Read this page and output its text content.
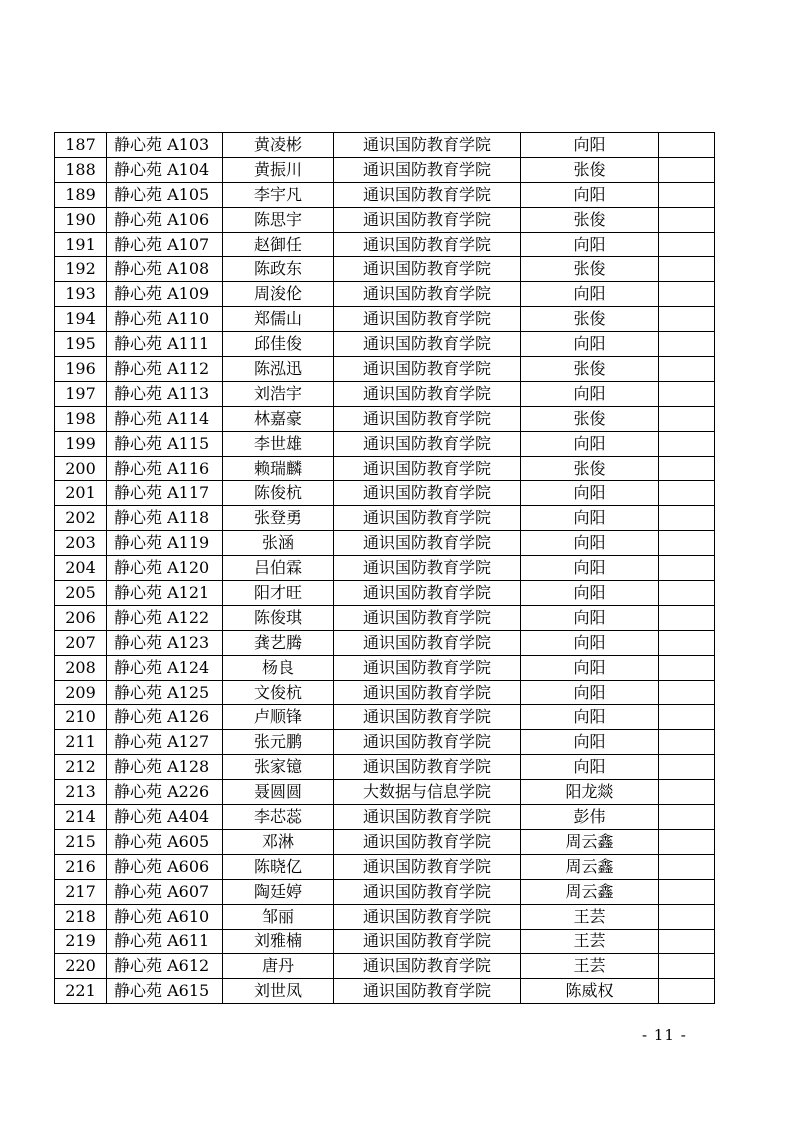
187	静心苑 A103	黄凌彬	通识国防教育学院	向阳	
188	静心苑 A104	黄振川	通识国防教育学院	张俊	
189	静心苑 A105	李宇凡	通识国防教育学院	向阳	
190	静心苑 A106	陈思宇	通识国防教育学院	张俊	
191	静心苑 A107	赵御任	通识国防教育学院	向阳	
192	静心苑 A108	陈政东	通识国防教育学院	张俊	
193	静心苑 A109	周浚伦	通识国防教育学院	向阳	
194	静心苑 A110	郑儒山	通识国防教育学院	张俊	
195	静心苑 A111	邱佳俊	通识国防教育学院	向阳	
196	静心苑 A112	陈泓迅	通识国防教育学院	张俊	
197	静心苑 A113	刘浩宇	通识国防教育学院	向阳	
198	静心苑 A114	林嘉豪	通识国防教育学院	张俊	
199	静心苑 A115	李世雄	通识国防教育学院	向阳	
200	静心苑 A116	赖瑞麟	通识国防教育学院	张俊	
201	静心苑 A117	陈俊杭	通识国防教育学院	向阳	
202	静心苑 A118	张登勇	通识国防教育学院	向阳	
203	静心苑 A119	张涵	通识国防教育学院	向阳	
204	静心苑 A120	吕伯霖	通识国防教育学院	向阳	
205	静心苑 A121	阳才旺	通识国防教育学院	向阳	
206	静心苑 A122	陈俊琪	通识国防教育学院	向阳	
207	静心苑 A123	龚艺腾	通识国防教育学院	向阳	
208	静心苑 A124	杨良	通识国防教育学院	向阳	
209	静心苑 A125	文俊杭	通识国防教育学院	向阳	
210	静心苑 A126	卢顺锋	通识国防教育学院	向阳	
211	静心苑 A127	张元鹏	通识国防教育学院	向阳	
212	静心苑 A128	张家镱	通识国防教育学院	向阳	
213	静心苑 A226	聂圆圆	大数据与信息学院	阳龙燚	
214	静心苑 A404	李芯蕊	通识国防教育学院	彭伟	
215	静心苑 A605	邓淋	通识国防教育学院	周云鑫	
216	静心苑 A606	陈晓亿	通识国防教育学院	周云鑫	
217	静心苑 A607	陶廷婷	通识国防教育学院	周云鑫	
218	静心苑 A610	邹丽	通识国防教育学院	王芸	
219	静心苑 A611	刘雅楠	通识国防教育学院	王芸	
220	静心苑 A612	唐丹	通识国防教育学院	王芸	
221	静心苑 A615	刘世凤	通识国防教育学院	陈威权	
- 11 -
